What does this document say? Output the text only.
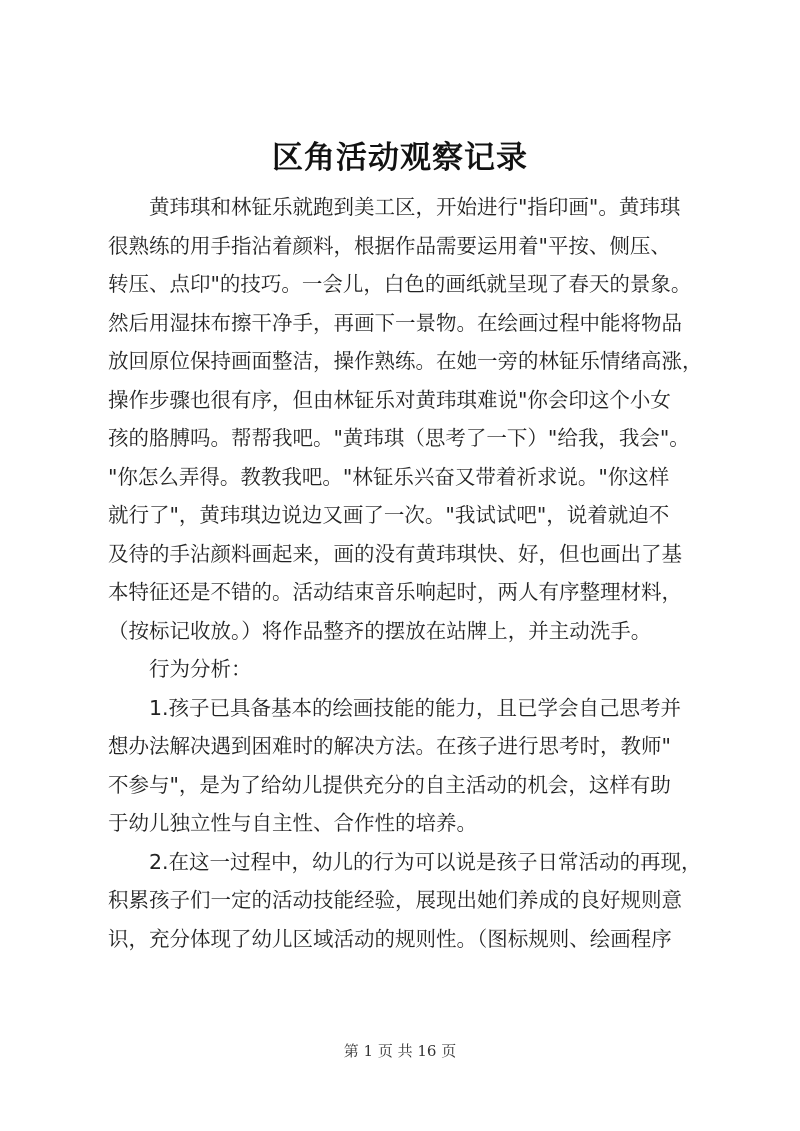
区角活动观察记录
黄玮琪和林钲乐就跑到美工区，开始进行"指印画"。黄玮琪
很熟练的用手指沾着颜料，根据作品需要运用着"平按、侧压、
转压、点印"的技巧。一会儿，白色的画纸就呈现了春天的景象。
然后用湿抹布擦干净手，再画下一景物。在绘画过程中能将物品
放回原位保持画面整洁，操作熟练。在她一旁的林钲乐情绪高涨，
操作步骤也很有序，但由林钲乐对黄玮琪难说"你会印这个小女
孩的胳膊吗。帮帮我吧。"黄玮琪（思考了一下）"给我，我会"。
"你怎么弄得。教教我吧。"林钲乐兴奋又带着祈求说。"你这样
就行了"，黄玮琪边说边又画了一次。"我试试吧"，说着就迫不
及待的手沾颜料画起来，画的没有黄玮琪快、好，但也画出了基
本特征还是不错的。活动结束音乐响起时，两人有序整理材料，
（按标记收放。）将作品整齐的摆放在站牌上，并主动洗手。
行为分析：
1.孩子已具备基本的绘画技能的能力，且已学会自己思考并
想办法解决遇到困难时的解决方法。在孩子进行思考时，教师"
不参与"，是为了给幼儿提供充分的自主活动的机会，这样有助
于幼儿独立性与自主性、合作性的培养。
2.在这一过程中，幼儿的行为可以说是孩子日常活动的再现，
积累孩子们一定的活动技能经验，展现出她们养成的良好规则意
识，充分体现了幼儿区域活动的规则性。（图标规则、绘画程序
第 1 页 共 16 页
